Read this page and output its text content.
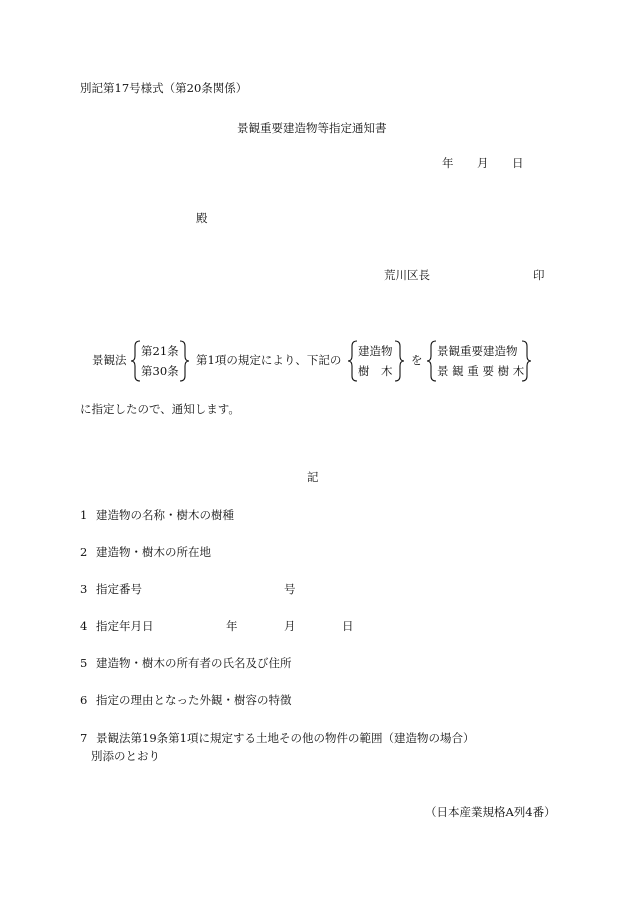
別記第17号様式（第20条関係）
景観重要建造物等指定通知書
年 月 日
殿
荒川区長	印
景観法
第21条
第30条
第1項の規定により、下記の
建造物
樹　木
を
景観重要建造物
景 観 重 要 樹 木
に指定したので、通知します。
記
1 建造物の名称・樹木の樹種
2 建造物・樹木の所在地
3 指定番号	号
4 指定年月日	年	月	日
5 建造物・樹木の所有者の氏名及び住所
6 指定の理由となった外観・樹容の特徴
7 景観法第19条第1項に規定する土地その他の物件の範囲（建造物の場合）
別添のとおり
（日本産業規格A列4番）
